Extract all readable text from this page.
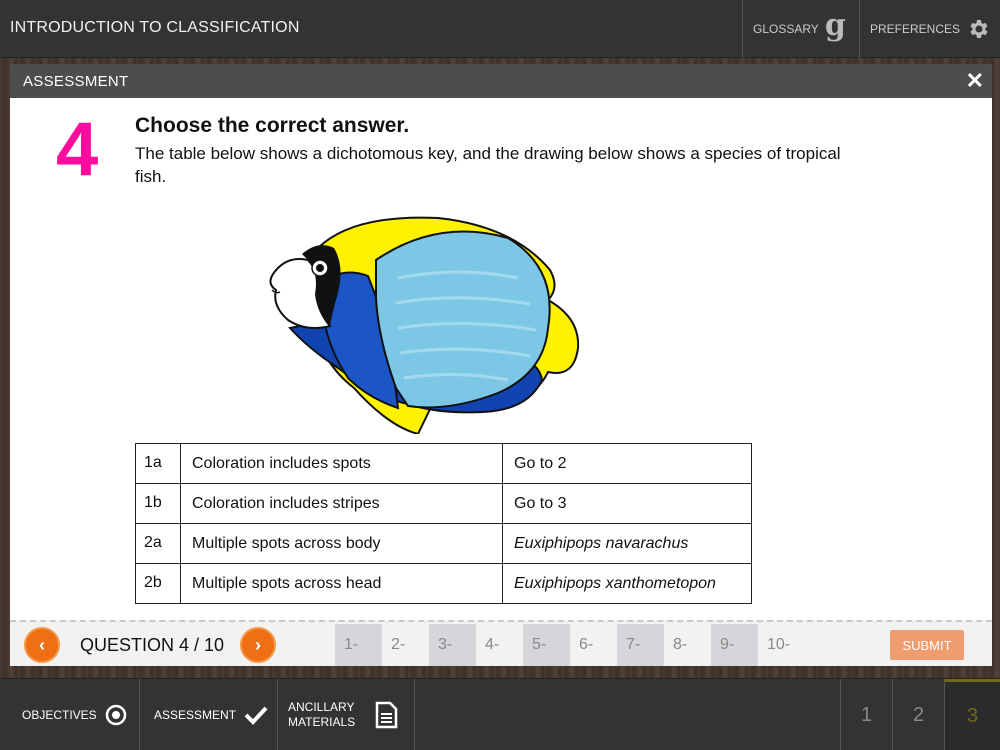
INTRODUCTION TO CLASSIFICATION	GLOSSARY g PREFERENCES
ASSESSMENT	✕
4 Choose the correct answer.
The table below shows a dichotomous key, and the drawing below shows a species of tropical fish.
1a	Coloration includes spots	Go to 2
1b	Coloration includes stripes	Go to 3
2a	Multiple spots across body	Euxiphipops navarachus
2b	Multiple spots across head	Euxiphipops xanthometopon
‹ QUESTION 4 / 10 ›	1-	2-	3-	4-	5-	6-	7-	8-	9-	10-	SUBMIT
OBJECTIVES	ASSESSMENT
ANCILLARY
MATERIALS	1	2	3
